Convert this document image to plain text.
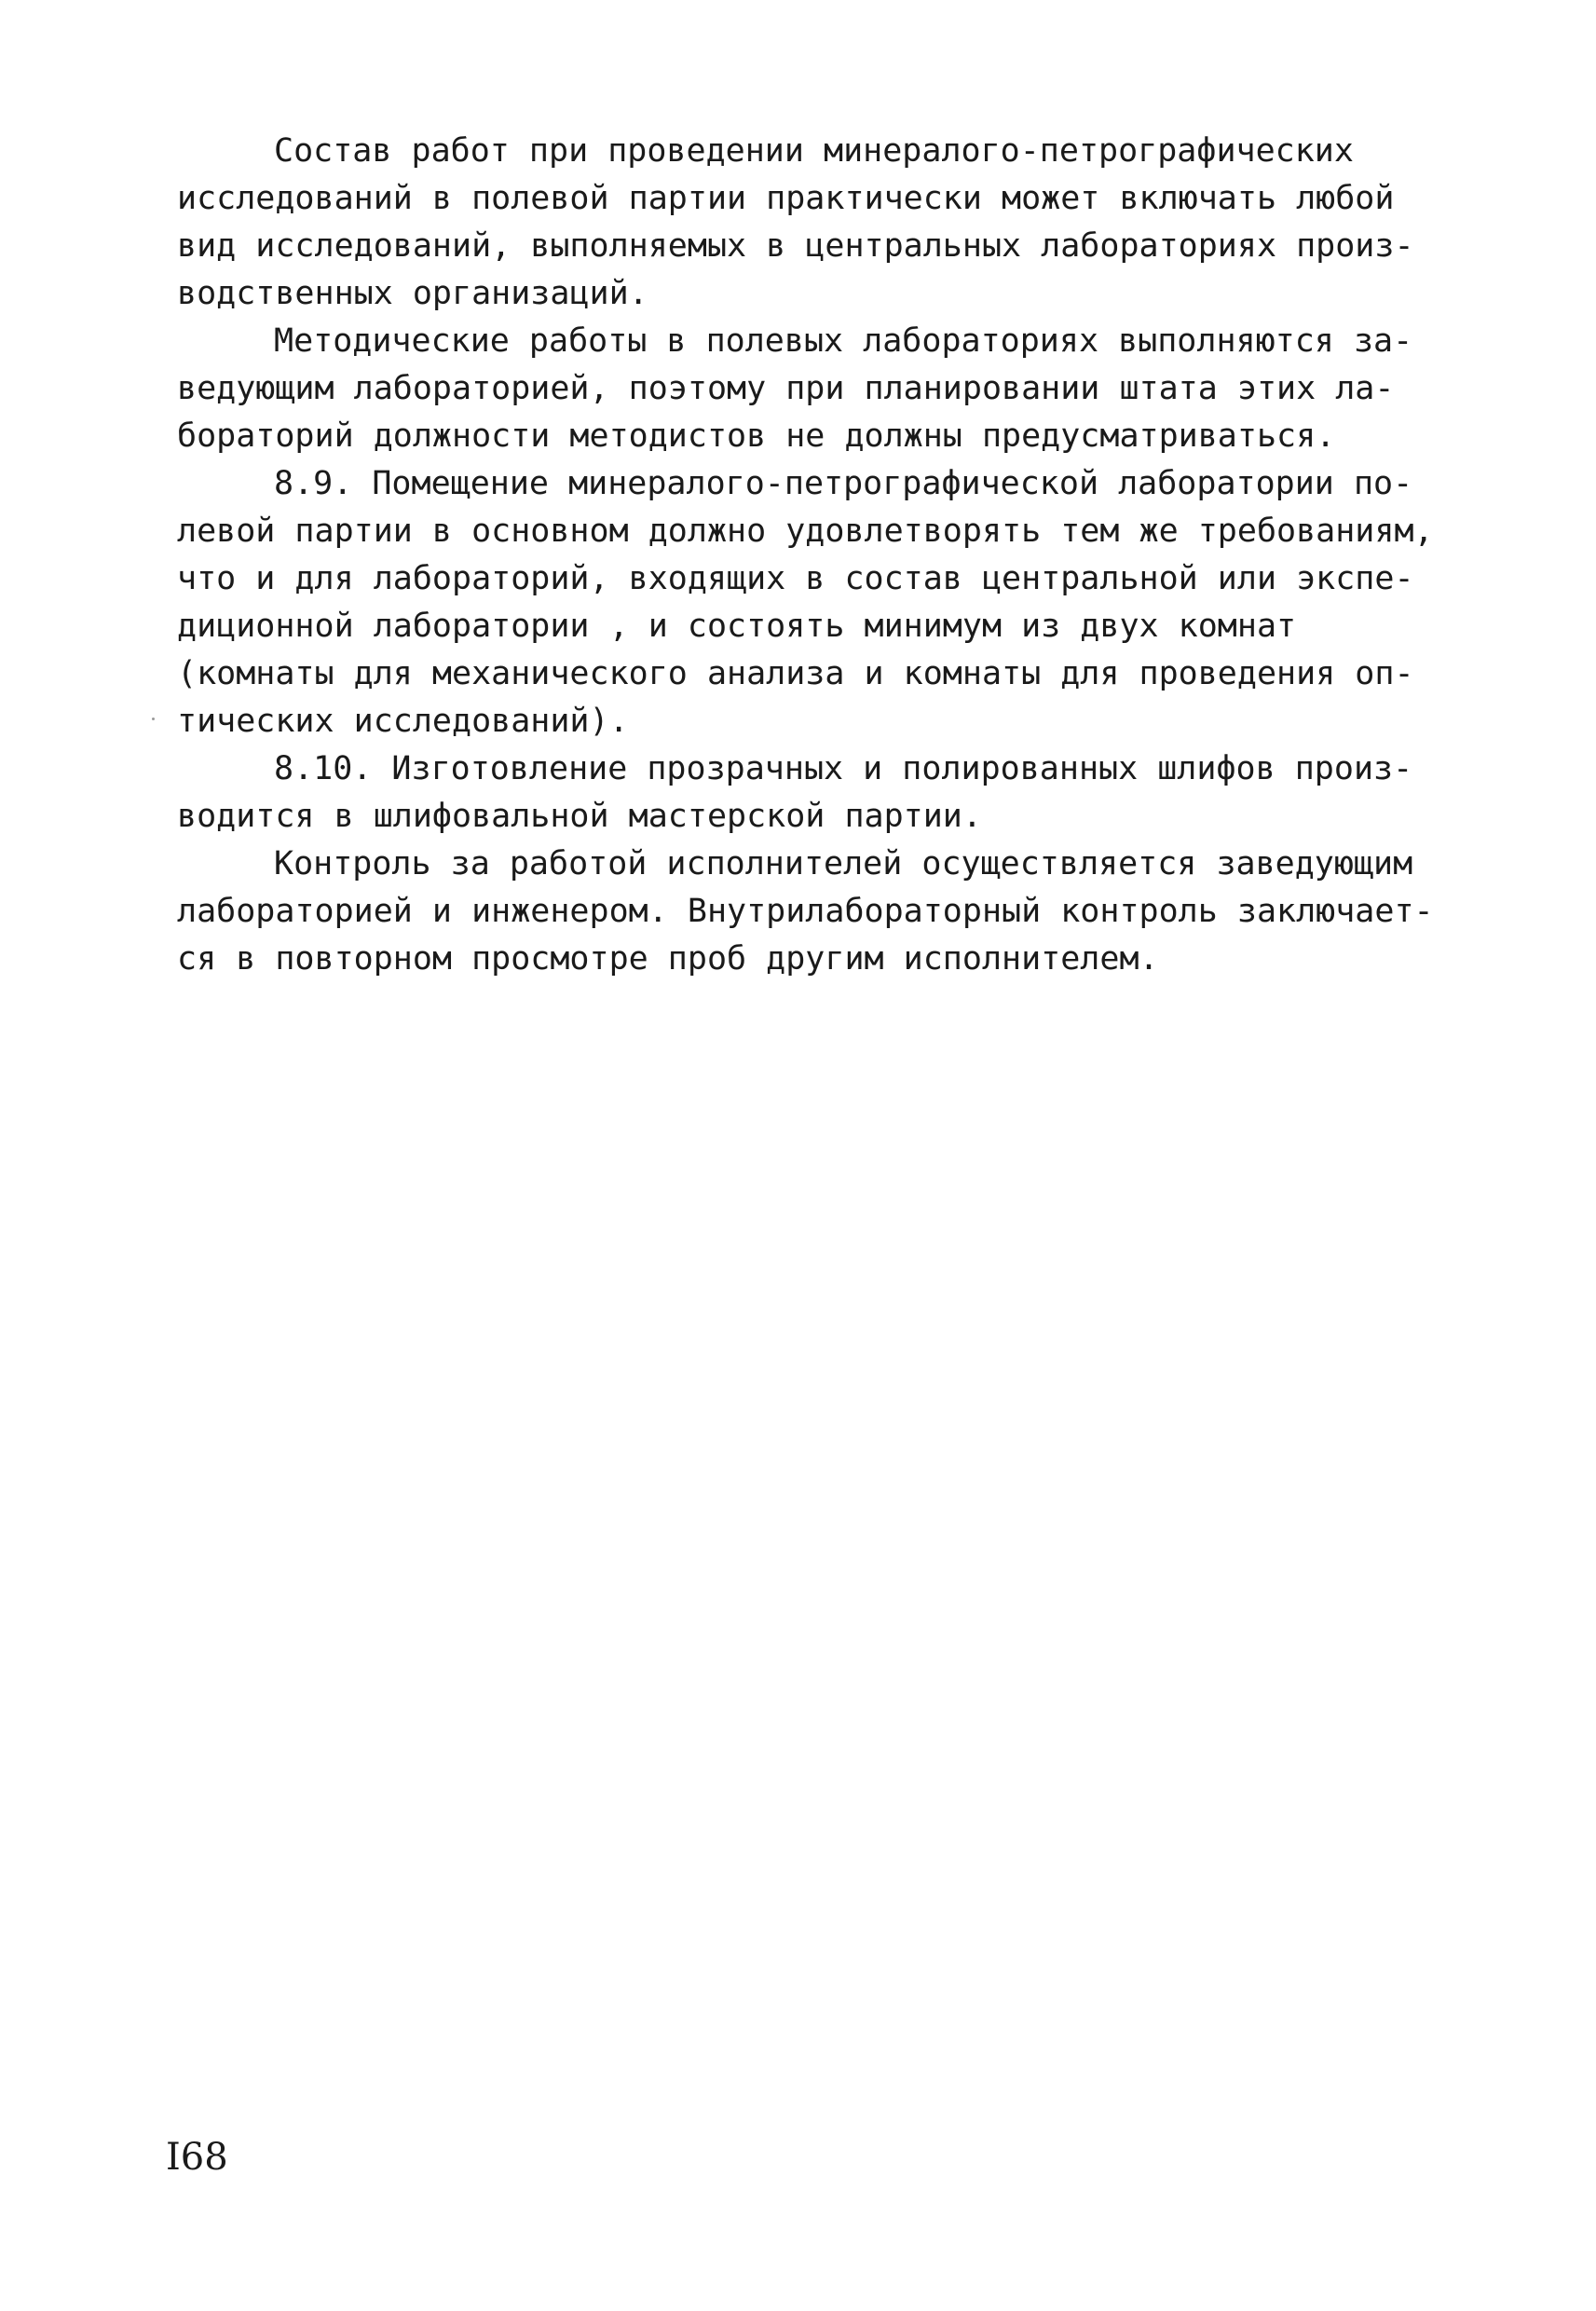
Состав работ при проведении минералого-петрографических
исследований в полевой партии практически может включать любой
вид исследований, выполняемых в центральных лабораториях произ-
водственных организаций.
Методические работы в полевых лабораториях выполняются за-
ведующим лабораторией, поэтому при планировании штата этих ла-
бораторий должности методистов не должны предусматриваться.
8.9. Помещение минералого-петрографической лаборатории по-
левой партии в основном должно удовлетворять тем же требованиям,
что и для лабораторий, входящих в состав центральной или экспе-
диционной лаборатории , и состоять минимум из двух комнат
(комнаты для механического анализа и комнаты для проведения оп-
тических исследований).
8.10. Изготовление прозрачных и полированных шлифов произ-
водится в шлифовальной мастерской партии.
Контроль за работой исполнителей осуществляется заведующим
лабораторией и инженером. Внутрилабораторный контроль заключает-
ся в повторном просмотре проб другим исполнителем.
I68
